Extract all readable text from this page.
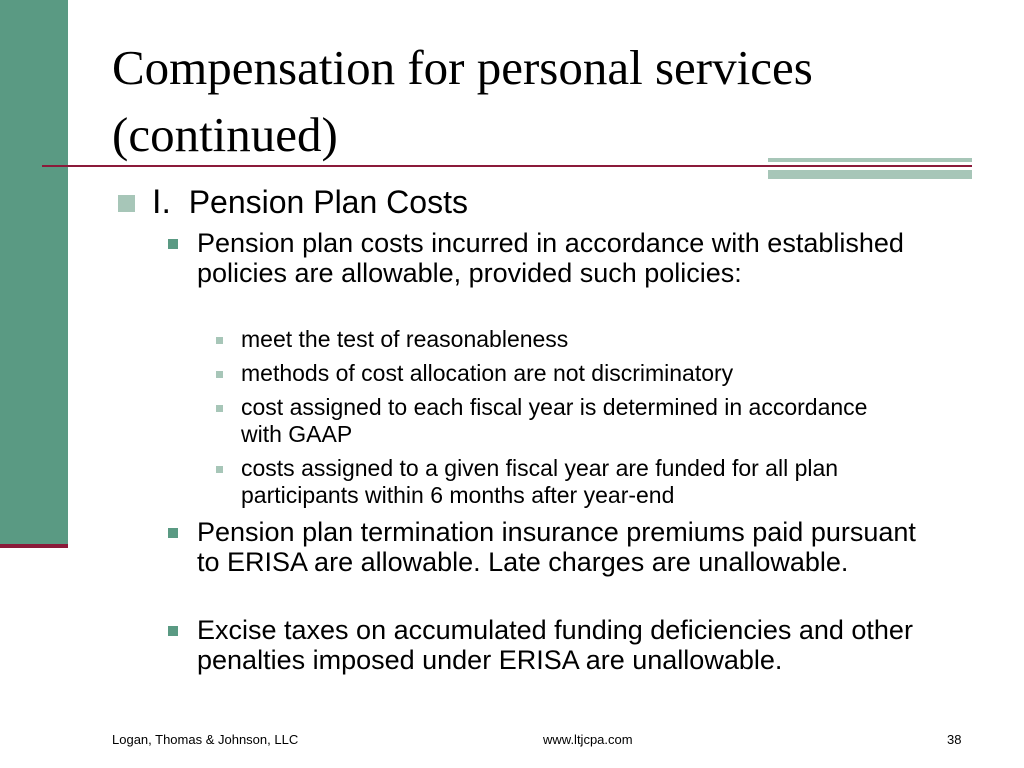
Compensation for personal services
(continued)
I. Pension Plan Costs
Pension plan costs incurred in accordance with established policies are allowable, provided such policies:
meet the test of reasonableness
methods of cost allocation are not discriminatory
cost assigned to each fiscal year is determined in accordance with GAAP
costs assigned to a given fiscal year are funded for all plan participants within 6 months after year-end
Pension plan termination insurance premiums paid pursuant to ERISA are allowable. Late charges are unallowable.
Excise taxes on accumulated funding deficiencies and other penalties imposed under ERISA are unallowable.
Logan, Thomas & Johnson, LLC	www.ltjcpa.com	38
